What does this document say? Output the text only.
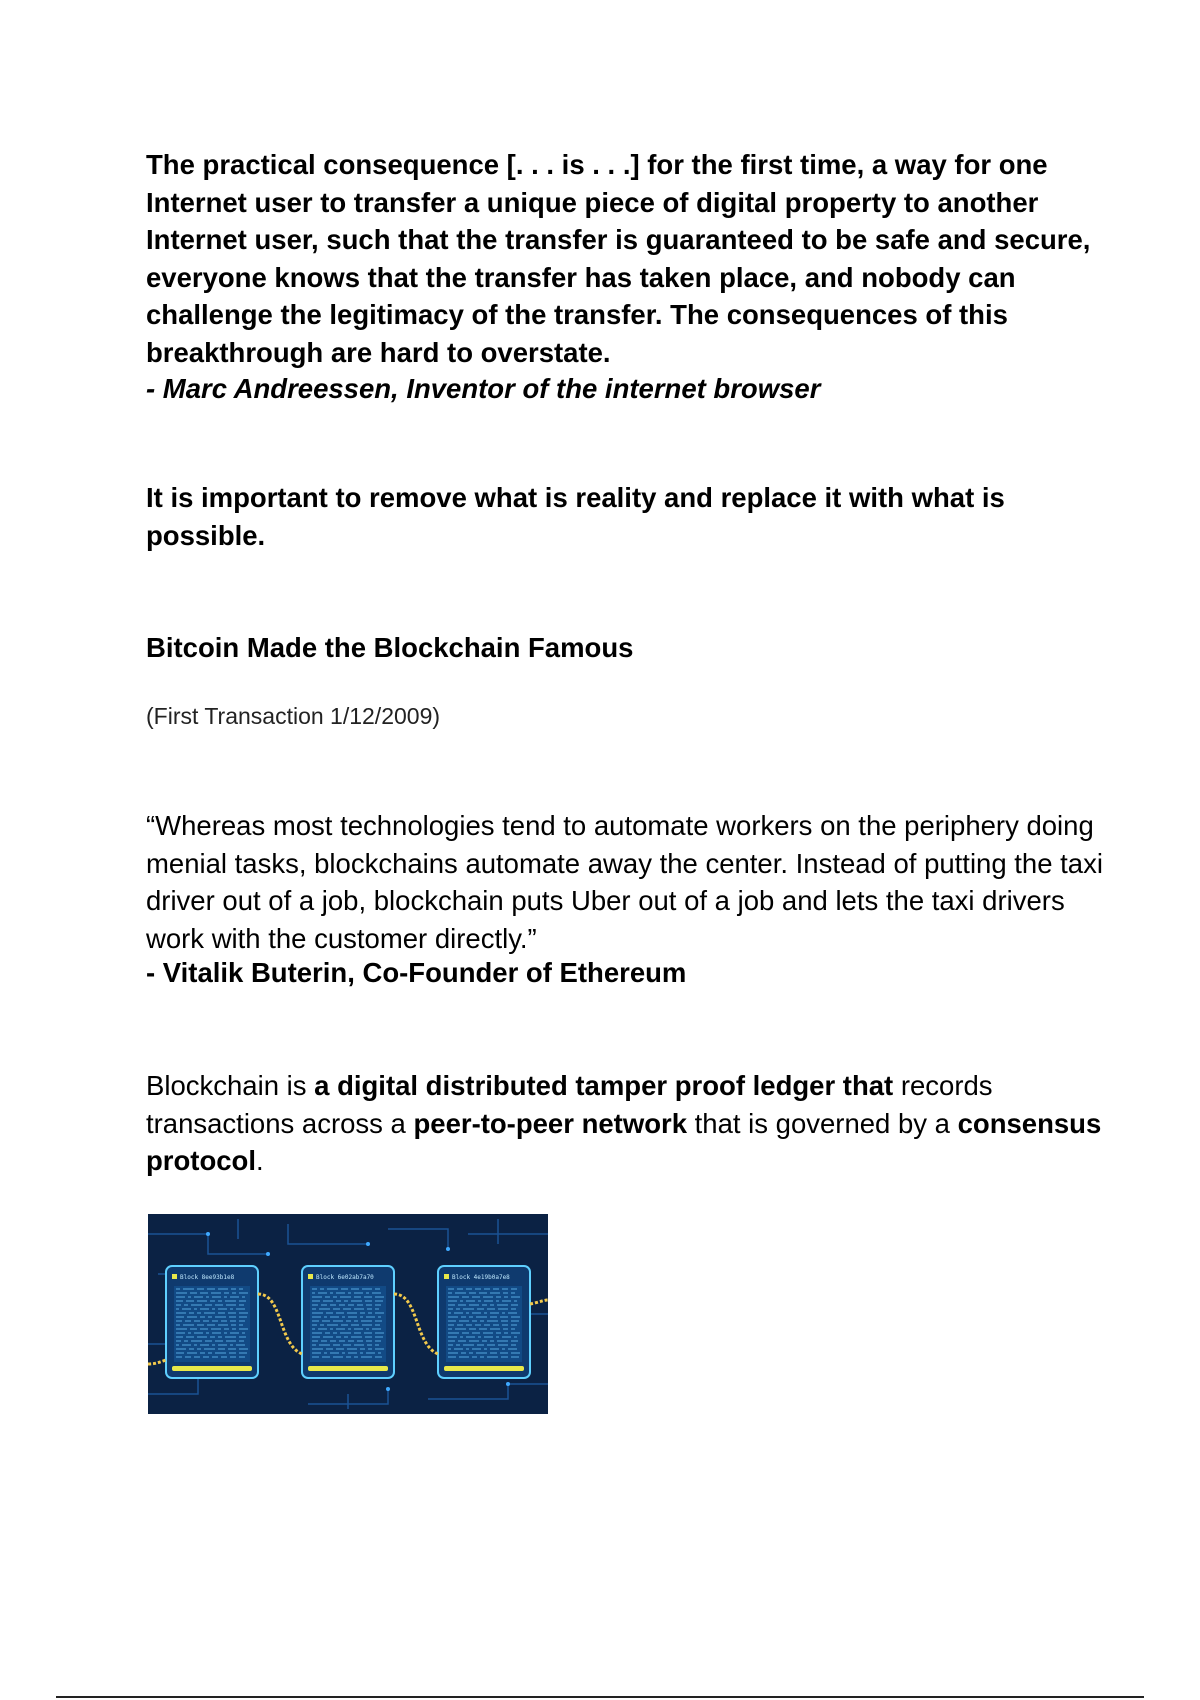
The practical consequence [. . . is . . .] for the first time, a way for one Internet user to transfer a unique piece of digital property to another Internet user, such that the transfer is guaranteed to be safe and secure, everyone knows that the transfer has taken place, and nobody can challenge the legitimacy of the transfer. The consequences of this breakthrough are hard to overstate.

- Marc Andreessen, Inventor of the internet browser

It is important to remove what is reality and replace it with what is possible.

Bitcoin Made the Blockchain Famous

(First Transaction 1/12/2009)

“Whereas most technologies tend to automate workers on the periphery doing menial tasks, blockchains automate away the center. Instead of putting the taxi driver out of a job, blockchain puts Uber out of a job and lets the taxi drivers work with the customer directly.”

- Vitalik Buterin, Co-Founder of Ethereum

Blockchain is a digital distributed tamper proof ledger that records transactions across a peer-to-peer network that is governed by a consensus protocol.

Block 8ee93b1e8	Block 6e02ab7a70	Block 4e19b0a7e8
